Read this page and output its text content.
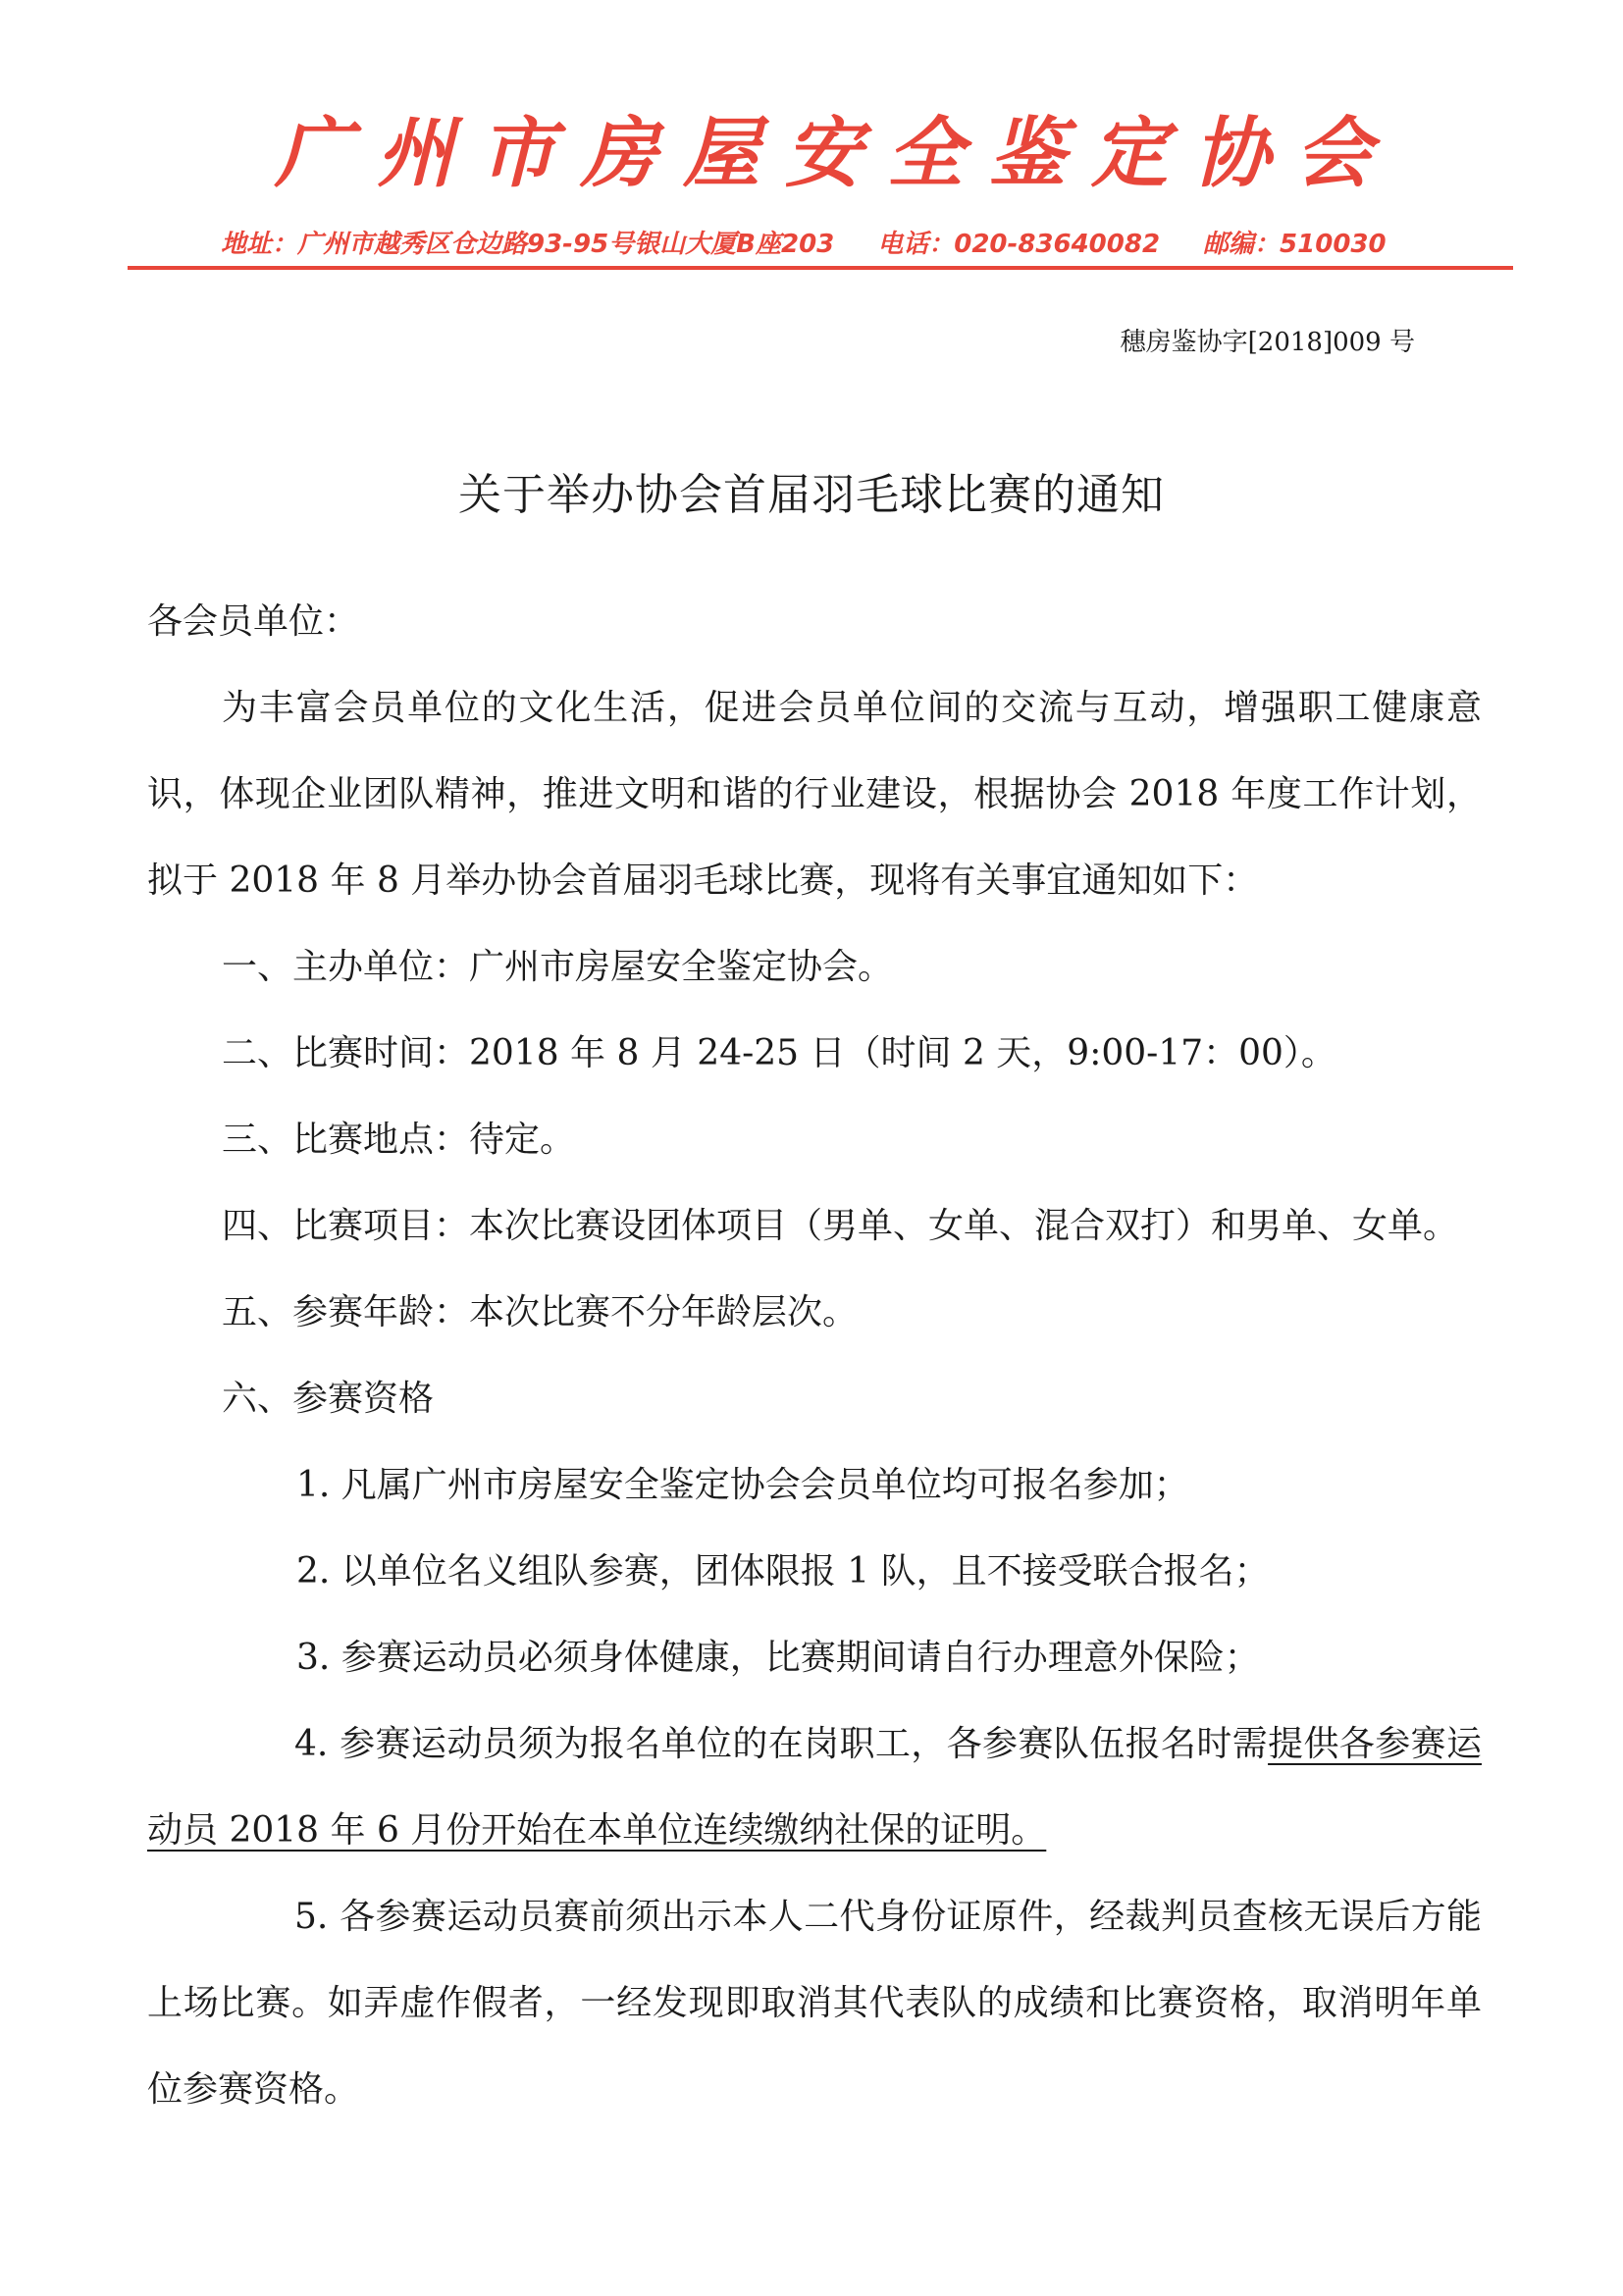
广州市房屋安全鉴定协会
地址：广州市越秀区仓边路93-95号银山大厦B座203 电话：020-83640082 邮编：510030
穗房鉴协字[2018]009 号
关于举办协会首届羽毛球比赛的通知

各会员单位：

为丰富会员单位的文化生活，促进会员单位间的交流与互动，增强职工健康意识，体现企业团队精神，推进文明和谐的行业建设，根据协会 2018 年度工作计划，拟于 2018 年 8 月举办协会首届羽毛球比赛，现将有关事宜通知如下：

一、主办单位：广州市房屋安全鉴定协会。

二、比赛时间：2018 年 8 月 24-25 日（时间 2 天，9:00-17：00）。

三、比赛地点：待定。

四、比赛项目：本次比赛设团体项目（男单、女单、混合双打）和男单、女单。

五、参赛年龄：本次比赛不分年龄层次。

六、参赛资格

1. 凡属广州市房屋安全鉴定协会会员单位均可报名参加；

2. 以单位名义组队参赛，团体限报 1 队，且不接受联合报名；

3. 参赛运动员必须身体健康，比赛期间请自行办理意外保险；

4. 参赛运动员须为报名单位的在岗职工，各参赛队伍报名时需提供各参赛运动员 2018 年 6 月份开始在本单位连续缴纳社保的证明。

5. 各参赛运动员赛前须出示本人二代身份证原件，经裁判员查核无误后方能上场比赛。如弄虚作假者，一经发现即取消其代表队的成绩和比赛资格，取消明年单位参赛资格。
